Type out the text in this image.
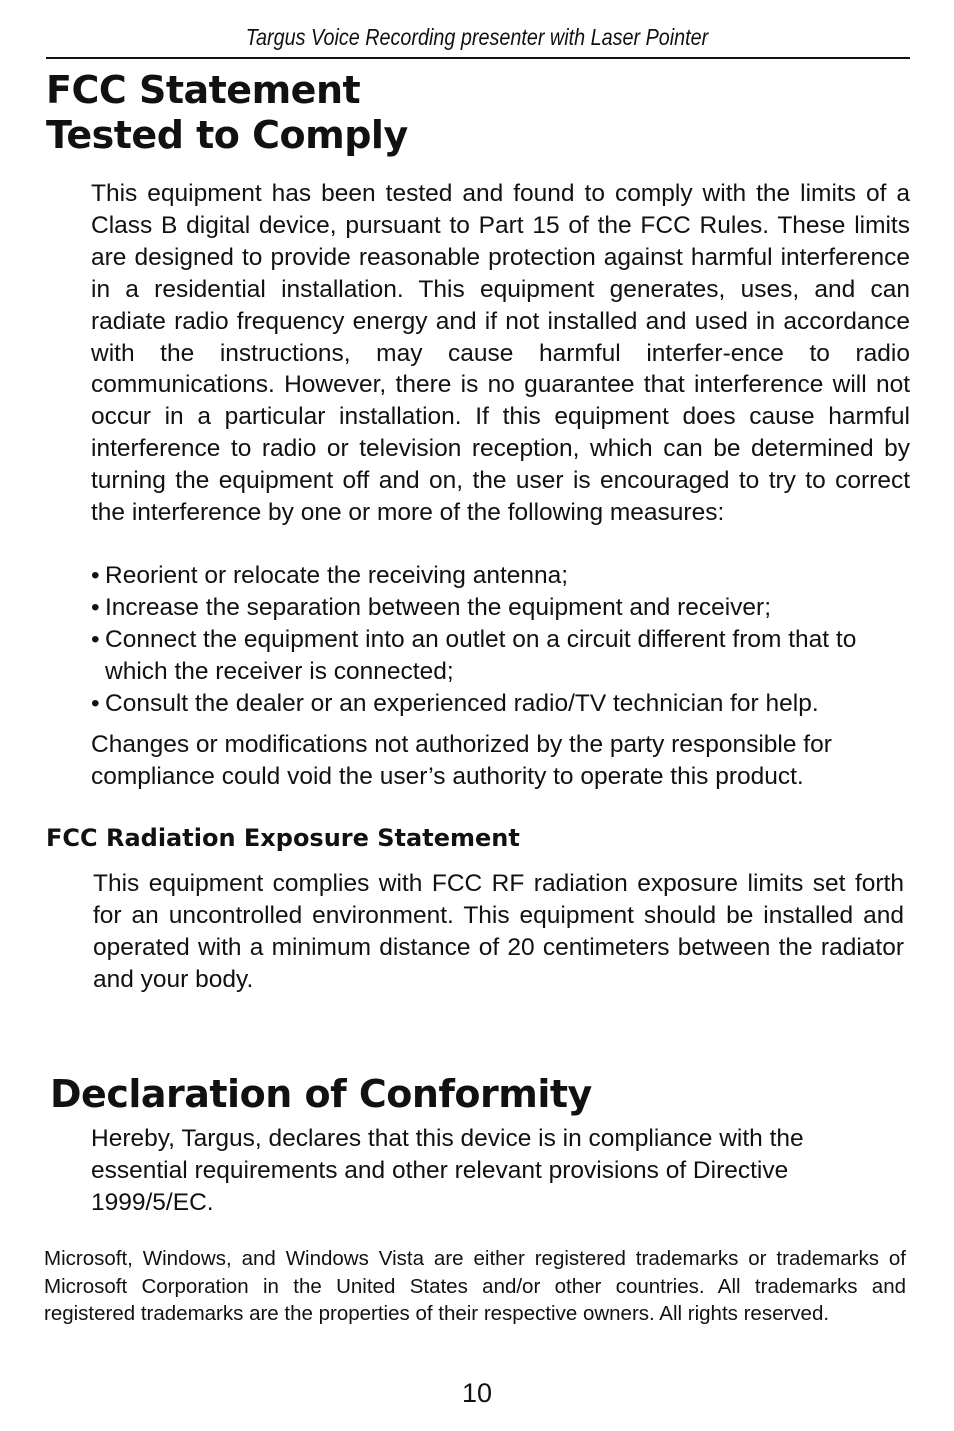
Targus Voice Recording presenter with Laser Pointer
FCC Statement
Tested to Comply

This equipment has been tested and found to comply with the limits of a Class B digital device, pursuant to Part 15 of the FCC Rules. These limits are designed to provide reasonable protection against harmful interference in a residential installation. This equipment generates, uses, and can radiate radio frequency energy and if not installed and used in accordance with the instructions, may cause harmful interfer-ence to radio communications. However, there is no guarantee that interference will not occur in a particular installation. If this equipment does cause harmful interference to radio or television reception, which can be determined by turning the equipment off and on, the user is encouraged to try to correct the interference by one or more of the following measures:

• Reorient or relocate the receiving antenna;
• Increase the separation between the equipment and receiver;
• Connect the equipment into an outlet on a circuit different from that to which the receiver is connected;
• Consult the dealer or an experienced radio/TV technician for help.

Changes or modifications not authorized by the party responsible for compliance could void the user’s authority to operate this product.

FCC Radiation Exposure Statement

This equipment complies with FCC RF radiation exposure limits set forth for an uncontrolled environment. This equipment should be installed and operated with a minimum distance of 20 centimeters between the radiator and your body.

Declaration of Conformity

Hereby, Targus, declares that this device is in compliance with the essential requirements and other relevant provisions of Directive 1999/5/EC.

Microsoft, Windows, and Windows Vista are either registered trademarks or trademarks of Microsoft Corporation in the United States and/or other countries. All trademarks and registered trademarks are the properties of their respective owners. All rights reserved.

10
